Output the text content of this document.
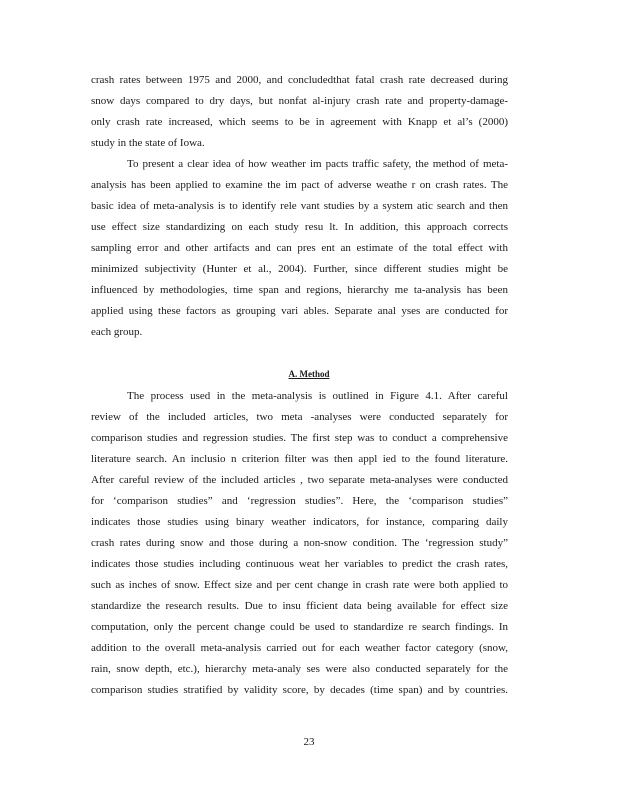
crash rates between 1975 and 2000, and concludedthat fatal crash rate decreased during
snow days compared to dry days, but nonfat al-injury crash rate and property-damage-
only crash rate increased, which seems to be in agreement with Knapp et al’s (2000)
study in the state of Iowa.
To present a clear idea of how weather im pacts traffic safety, the method of meta-
analysis has been applied to examine the im pact of adverse weathe r on crash rates. The
basic idea of meta-analysis is to identify rele vant studies by a system atic search and then
use effect size standardizing on each study resu lt. In addition, this approach corrects
sampling error and other artifacts and can pres ent an estimate of the total effect with
minimized subjectivity (Hunter et al., 2004). Further, since different studies might be
influenced by methodologies, time span and regions, hierarchy me ta-analysis has been
applied using these factors as grouping vari ables. Separate anal yses are conducted for
each group.
A. Method
The process used in the meta-analysis is outlined in Figure 4.1. After careful
review of the included articles, two meta -analyses were conducted separately for
comparison studies and regression studies. The first step was to conduct a comprehensive
literature search. An inclusio n criterion filter was then appl ied to the found literature.
After careful review of the included articles , two separate meta-analyses were conducted
for ‘comparison studies” and ‘regression studies”. Here, the ‘comparison studies”
indicates those studies using binary weather indicators, for instance, comparing daily
crash rates during snow and those during a non-snow condition. The ‘regression study”
indicates those studies including continuous weat her variables to predict the crash rates,
such as inches of snow. Effect size and per cent change in crash rate were both applied to
standardize the research results. Due to insu fficient data being available for effect size
computation, only the percent change could be used to standardize re search findings. In
addition to the overall meta-analysis carried out for each weather factor category (snow,
rain, snow depth, etc.), hierarchy meta-analy ses were also conducted separately for the
comparison studies stratified by validity score, by decades (time span) and by countries.
23
